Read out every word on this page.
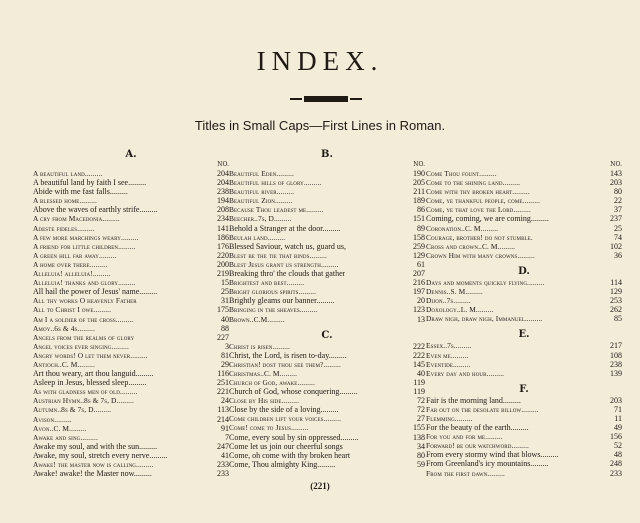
INDEX.
Titles in Small Caps—First Lines in Roman.
A.
NO.
A beautiful land.........	204
A beautiful land by faith I see.........	204
Abide with me fast falls.........	238
A blessed home.........	194
Above the waves of earthly strife.........	208
A cry from Macedonia.........	234
Adeste fideles.........	141
A few more marchings weary.........	186
A friend for little children.........	176
A green hill far away.........	220
A home over there.........	200
Alleluia! alleluia!.........	219
Alleluia! thanks and glory.........	15
All hail the power of Jesus' name.........	25
All thy works O heavenly Father	31
All to Christ I owe.........	175
Am I a soldier of the cross.........	40
Amoy..6s & 4s.........	88
Angels from the realms of glory	227
Angel voices ever singing.........	3
Angry words! O let them never.........	81
Antioch..C. M.........	29
Art thou weary, art thou languid.........	116
Asleep in Jesus, blessed sleep.........	251
As with gladness men of old.........	221
Austrian Hymn..8s & 7s, D.........	24
Autumn..8s & 7s, D.........	113
Avison.........	214
Avon..C. M.........	91
Awake and sing.........	7
Awake my soul, and with the sun.........	247
Awake, my soul, stretch every nerve.........	41
Awake! the master now is calling.........	233
Awake! awake! the Master now.........	233
B.
NO.
Beautiful Eden.........	190
Beautiful hills of glory.........	205
Beautiful river.........	211
Beautiful Zion.........	189
Because Thou leadest me.........	86
Beecher..7s, D.........	151
Behold a Stranger at the door.........	89
Beulah land.........	158
Blessed Saviour, watch us, guard us,	259
Blest be the tie that binds.........	129
Blest Jesus grant us strength.........	61
Breaking thro' the clouds that gather	207
Brightest and best.........	216
Bright glorious spirits.........	197
Brightly gleams our banner.........	20
Bringing in the sheaves.........	123
Brown..C.M.........	13
C.
Christ is risen.........	222
Christ, the Lord, is risen to-day.........	222
Christian! dost thou see them?.........	145
Christmas..C. M.........	40
Church of God, awake.........	119
Church of God, whose conquering.........	119
Close by His side.........	72
Close by the side of a loving.........	72
Come children lift your voices.........	27
Come! come to Jesus.........	155
Come, every soul by sin oppressed.........	138
Come let us join our cheerful songs	34
Come, oh come with thy broken heart	80
Come, Thou almighty King.........	59
NO.
Come Thou fount.........	143
Come to the shining land.........	203
Come with thy broken heart.........	80
Come, ye thankful people, come.........	22
Come, ye that love the Lord.........	37
Coming, coming, we are coming.........	237
Coronation..C. M.........	25
Courage, brother! do not stumble.	74
Cross and crown..C. M.........	102
Crown Him with many crowns.........	36
D.
Days and moments quickly flying.........	114
Dennis..S. M.........	129
Dijon..7s.........	253
Doxology..L. M.........	262
Draw nigh, draw nigh, Immanuel.........	85
E.
Essex..7s.........	217
Even me.........	108
Eventide.........	238
Every day and hour.........	139
F.
Fair is the morning land.........	203
Far out on the desolate billow.........	71
Flemming.........	11
For the beauty of the earth.........	49
For you and for me.........	156
Forward! be our watchword.........	52
From every stormy wind that blows.........	48
From Greenland's icy mountains.........	248
From the first dawn.........	233
(221)
